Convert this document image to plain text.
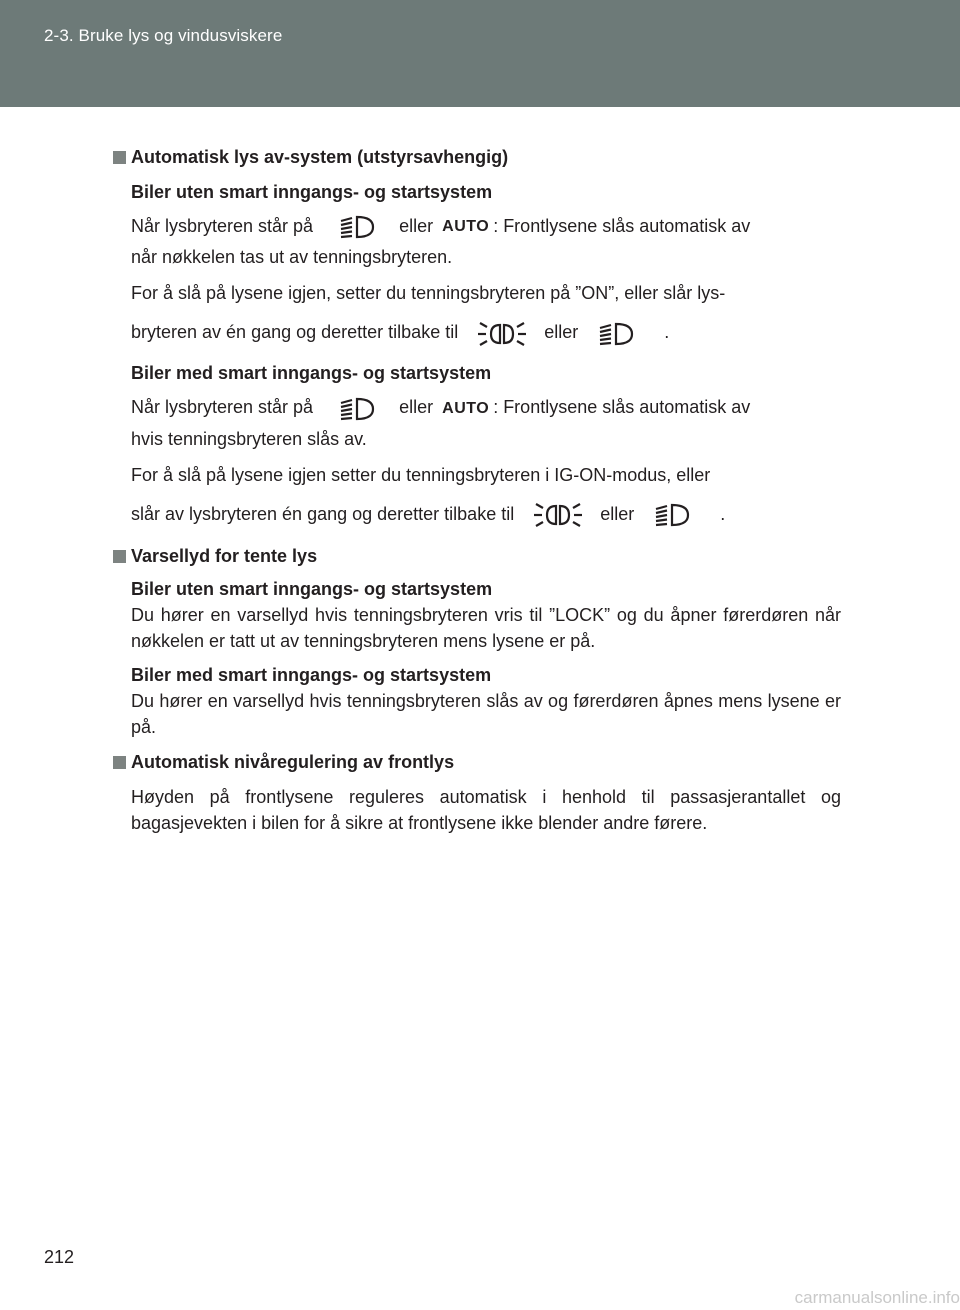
2-3. Bruke lys og vindusviskere
Automatisk lys av-system (utstyrsavhengig)
Biler uten smart inngangs- og startsystem
Når lysbryteren står på	eller AUTO : Frontlysene slås automatisk av
når nøkkelen tas ut av tenningsbryteren.
For å slå på lysene igjen, setter du tenningsbryteren på ”ON”, eller slår lys-
bryteren av én gang og deretter tilbake til	eller	.
Biler med smart inngangs- og startsystem
Når lysbryteren står på	eller AUTO : Frontlysene slås automatisk av
hvis tenningsbryteren slås av.
For å slå på lysene igjen setter du tenningsbryteren i IG-ON-modus, eller
slår av lysbryteren én gang og deretter tilbake til	eller	.
Varsellyd for tente lys
Biler uten smart inngangs- og startsystem
Du hører en varsellyd hvis tenningsbryteren vris til ”LOCK” og du åpner førerdøren når nøkkelen er tatt ut av tenningsbryteren mens lysene er på.
Biler med smart inngangs- og startsystem
Du hører en varsellyd hvis tenningsbryteren slås av og førerdøren åpnes mens lysene er på.
Automatisk nivåregulering av frontlys
Høyden på frontlysene reguleres automatisk i henhold til passasjerantallet og bagasjevekten i bilen for å sikre at frontlysene ikke blender andre førere.
212
carmanualsonline.info
